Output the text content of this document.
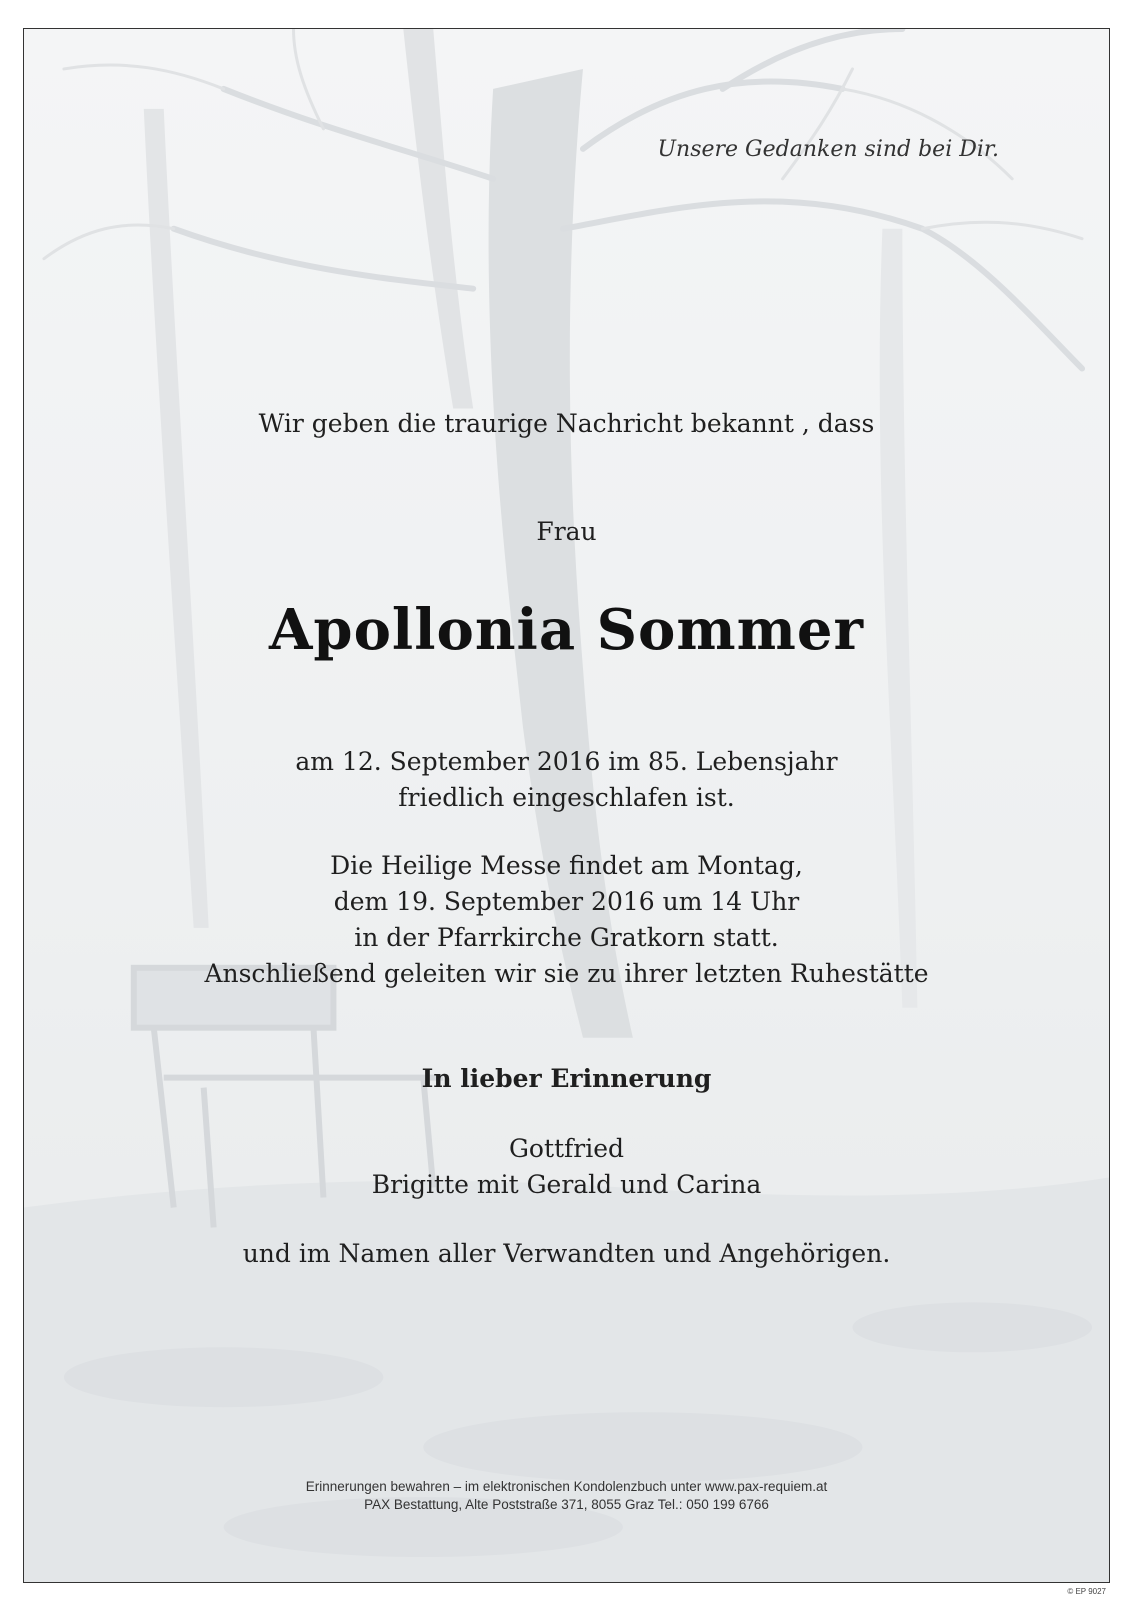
Unsere Gedanken sind bei Dir.
Wir geben die traurige Nachricht bekannt , dass
Frau
Apollonia Sommer
am 12. September 2016 im 85. Lebensjahr
friedlich eingeschlafen ist.
Die Heilige Messe findet am Montag,
dem 19. September 2016 um 14 Uhr
in der Pfarrkirche Gratkorn statt.
Anschließend geleiten wir sie zu ihrer letzten Ruhestätte
In lieber Erinnerung
Gottfried
Brigitte mit Gerald und Carina
und im Namen aller Verwandten und Angehörigen.
Erinnerungen bewahren – im elektronischen Kondolenzbuch unter www.pax-requiem.at
PAX Bestattung, Alte Poststraße 371, 8055 Graz Tel.: 050 199 6766
© EP 9027
